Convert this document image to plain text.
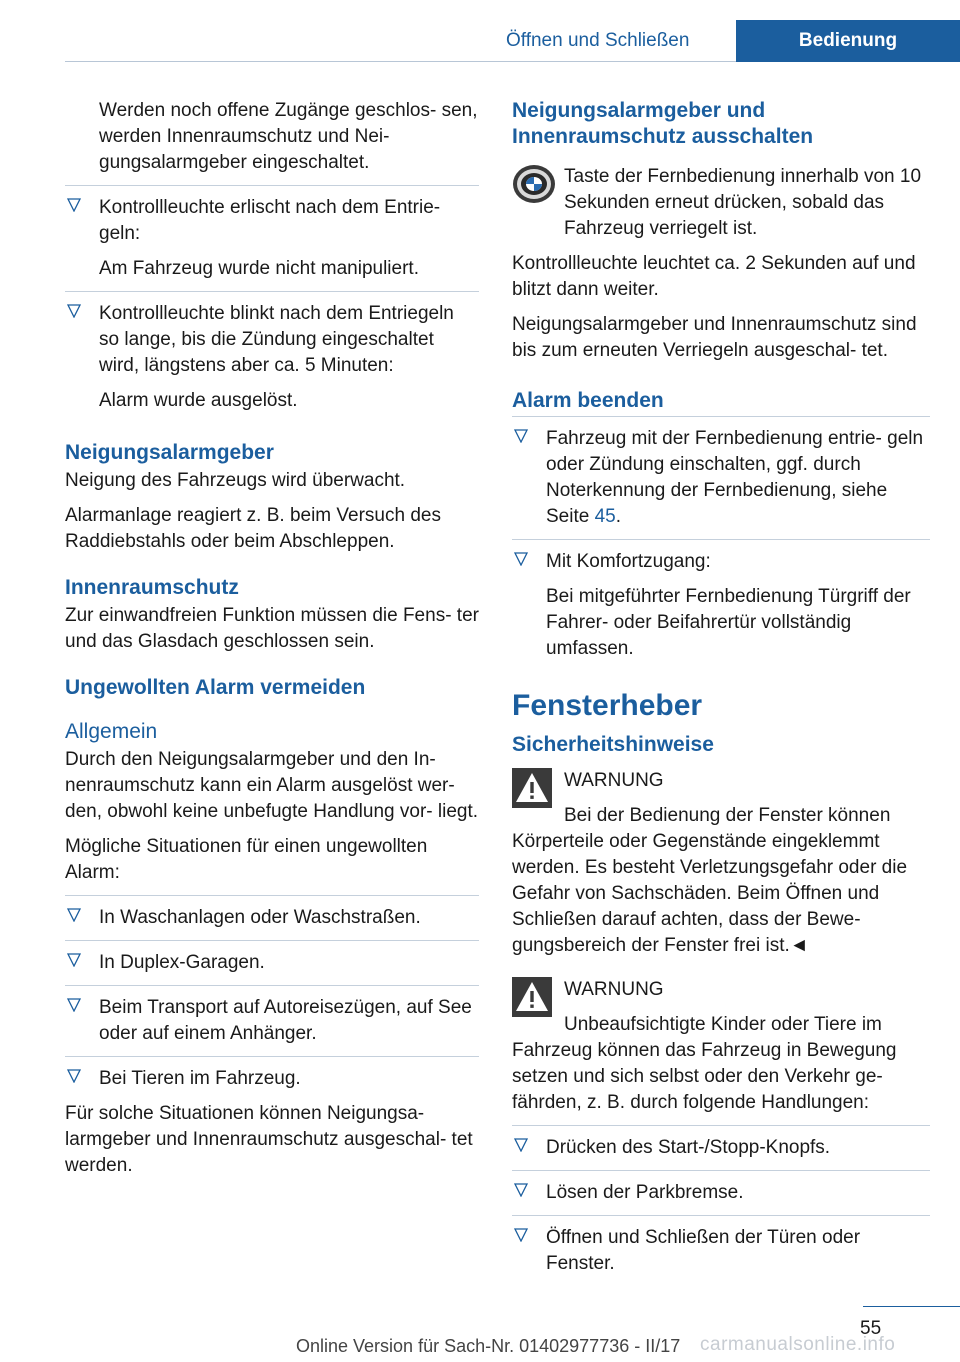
Öffnen und Schließen	Bedienung

Werden noch offene Zugänge geschlos- sen, werden Innenraumschutz und Nei- gungsalarmgeber eingeschaltet.

Kontrollleuchte erlischt nach dem Entrie- geln:

Am Fahrzeug wurde nicht manipuliert.

Kontrollleuchte blinkt nach dem Entriegeln so lange, bis die Zündung eingeschaltet wird, längstens aber ca. 5 Minuten:

Alarm wurde ausgelöst.

Neigungsalarmgeber

Neigung des Fahrzeugs wird überwacht.

Alarmanlage reagiert z. B. beim Versuch des Raddiebstahls oder beim Abschleppen.

Innenraumschutz

Zur einwandfreien Funktion müssen die Fens- ter und das Glasdach geschlossen sein.

Ungewollten Alarm vermeiden
Allgemein

Durch den Neigungsalarmgeber und den In- nenraumschutz kann ein Alarm ausgelöst wer- den, obwohl keine unbefugte Handlung vor- liegt.

Mögliche Situationen für einen ungewollten Alarm:

In Waschanlagen oder Waschstraßen.

In Duplex-Garagen.

Beim Transport auf Autoreisezügen, auf See oder auf einem Anhänger.

Bei Tieren im Fahrzeug.

Für solche Situationen können Neigungsa- larmgeber und Innenraumschutz ausgeschal- tet werden.

Neigungsalarmgeber und Innenraumschutz ausschalten

Taste der Fernbedienung innerhalb von 10 Sekunden erneut drücken, sobald das Fahrzeug verriegelt ist.

Kontrollleuchte leuchtet ca. 2 Sekunden auf und blitzt dann weiter.

Neigungsalarmgeber und Innenraumschutz sind bis zum erneuten Verriegeln ausgeschal- tet.

Alarm beenden

Fahrzeug mit der Fernbedienung entrie- geln oder Zündung einschalten, ggf. durch Noterkennung der Fernbedienung, siehe Seite 45.

Mit Komfortzugang:

Bei mitgeführter Fernbedienung Türgriff der Fahrer- oder Beifahrertür vollständig umfassen.

Fensterheber
Sicherheitshinweise

WARNUNG

Bei der Bedienung der Fenster können Körperteile oder Gegenstände eingeklemmt werden. Es besteht Verletzungsgefahr oder die Gefahr von Sachschäden. Beim Öffnen und Schließen darauf achten, dass der Bewe- gungsbereich der Fenster frei ist.◄

WARNUNG

Unbeaufsichtigte Kinder oder Tiere im Fahrzeug können das Fahrzeug in Bewegung setzen und sich selbst oder den Verkehr ge- fährden, z. B. durch folgende Handlungen:

Drücken des Start-/Stopp-Knopfs.

Lösen der Parkbremse.

Öffnen und Schließen der Türen oder Fenster.

55
Online Version für Sach-Nr. 01402977736 - II/17 carmanualsonline.info
